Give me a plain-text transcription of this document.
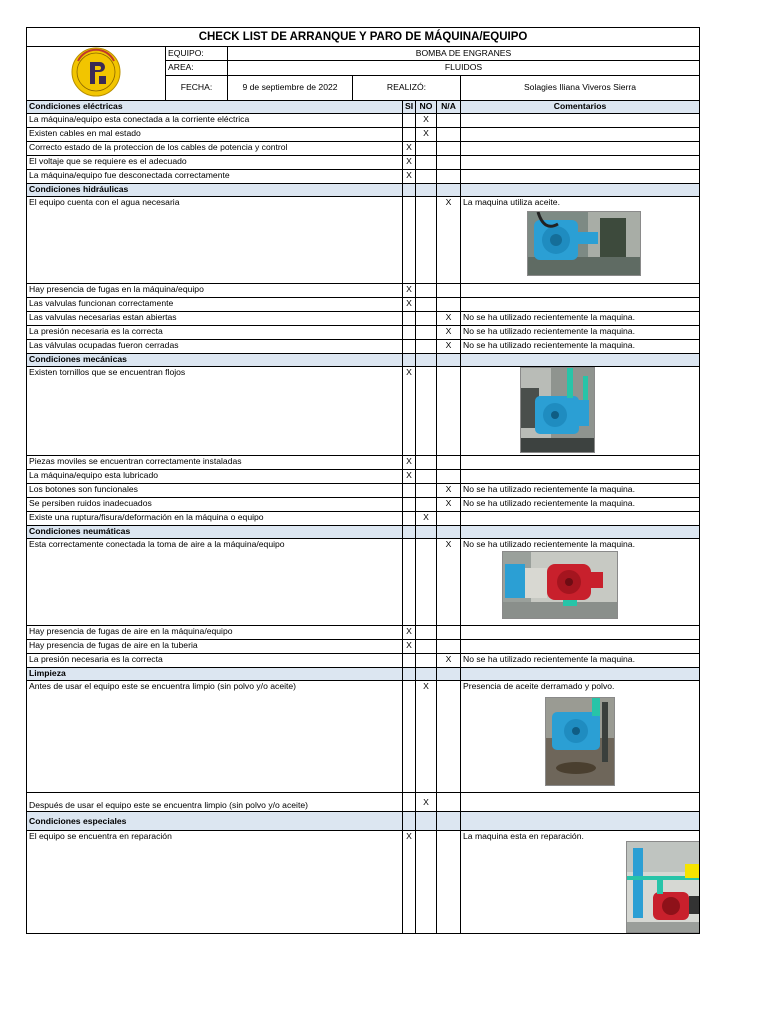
CHECK LIST DE ARRANQUE Y PARO DE MÁQUINA/EQUIPO							
	EQUIPO:	BOMBA DE ENGRANES					
	AREA:	FLUIDOS					
	FECHA:	9 de septiembre de 2022	REALIZÓ:				Solagies Iliana Viveros Sierra
Condiciones eléctricas				SI	NO	N/A	Comentarios
La máquina/equipo esta conectada a la corriente eléctrica					X		
Existen cables en mal estado					X		
Correcto estado de la proteccion de los cables de potencia y control				X			
El voltaje que se requiere es el adecuado				X			
La máquina/equipo fue desconectada correctamente				X			
Condiciones hidráulicas							
El equipo cuenta con el agua necesaria						X	La maquina utiliza aceite.

Hay presencia de fugas en la máquina/equipo				X			
Las valvulas funcionan correctamente				X			
Las valvulas necesarias estan abiertas						X	No se ha utilizado recientemente la maquina.
La presión necesaria es la correcta						X	No se ha utilizado recientemente la maquina.
Las válvulas ocupadas fueron cerradas						X	No se ha utilizado recientemente la maquina.
Condiciones mecánicas							
Existen tornillos que se encuentran flojos				X			

Piezas moviles se encuentran correctamente instaladas				X			
La máquina/equipo esta lubricado				X			
Los botones son funcionales						X	No se ha utilizado recientemente la maquina.
Se persiben ruidos inadecuados						X	No se ha utilizado recientemente la maquina.
Existe una ruptura/fisura/deformación en la máquina o equipo					X		
Condiciones neumáticas							
Esta correctamente conectada la toma de aire a la máquina/equipo						X	No se ha utilizado recientemente la maquina.

Hay presencia de fugas de aire en la máquina/equipo				X			
Hay presencia de fugas de aire en la tuberia				X			
La presión necesaria es la correcta						X	No se ha utilizado recientemente la maquina.
Limpieza							
Antes de usar el equipo este se encuentra limpio (sin polvo y/o aceite)					X		Presencia de aceite derramado y polvo.

Después de usar el equipo este se encuentra limpio (sin polvo y/o aceite)					X		
Condiciones especiales							
El equipo se encuentra en reparación				X			La maquina esta en reparación.
